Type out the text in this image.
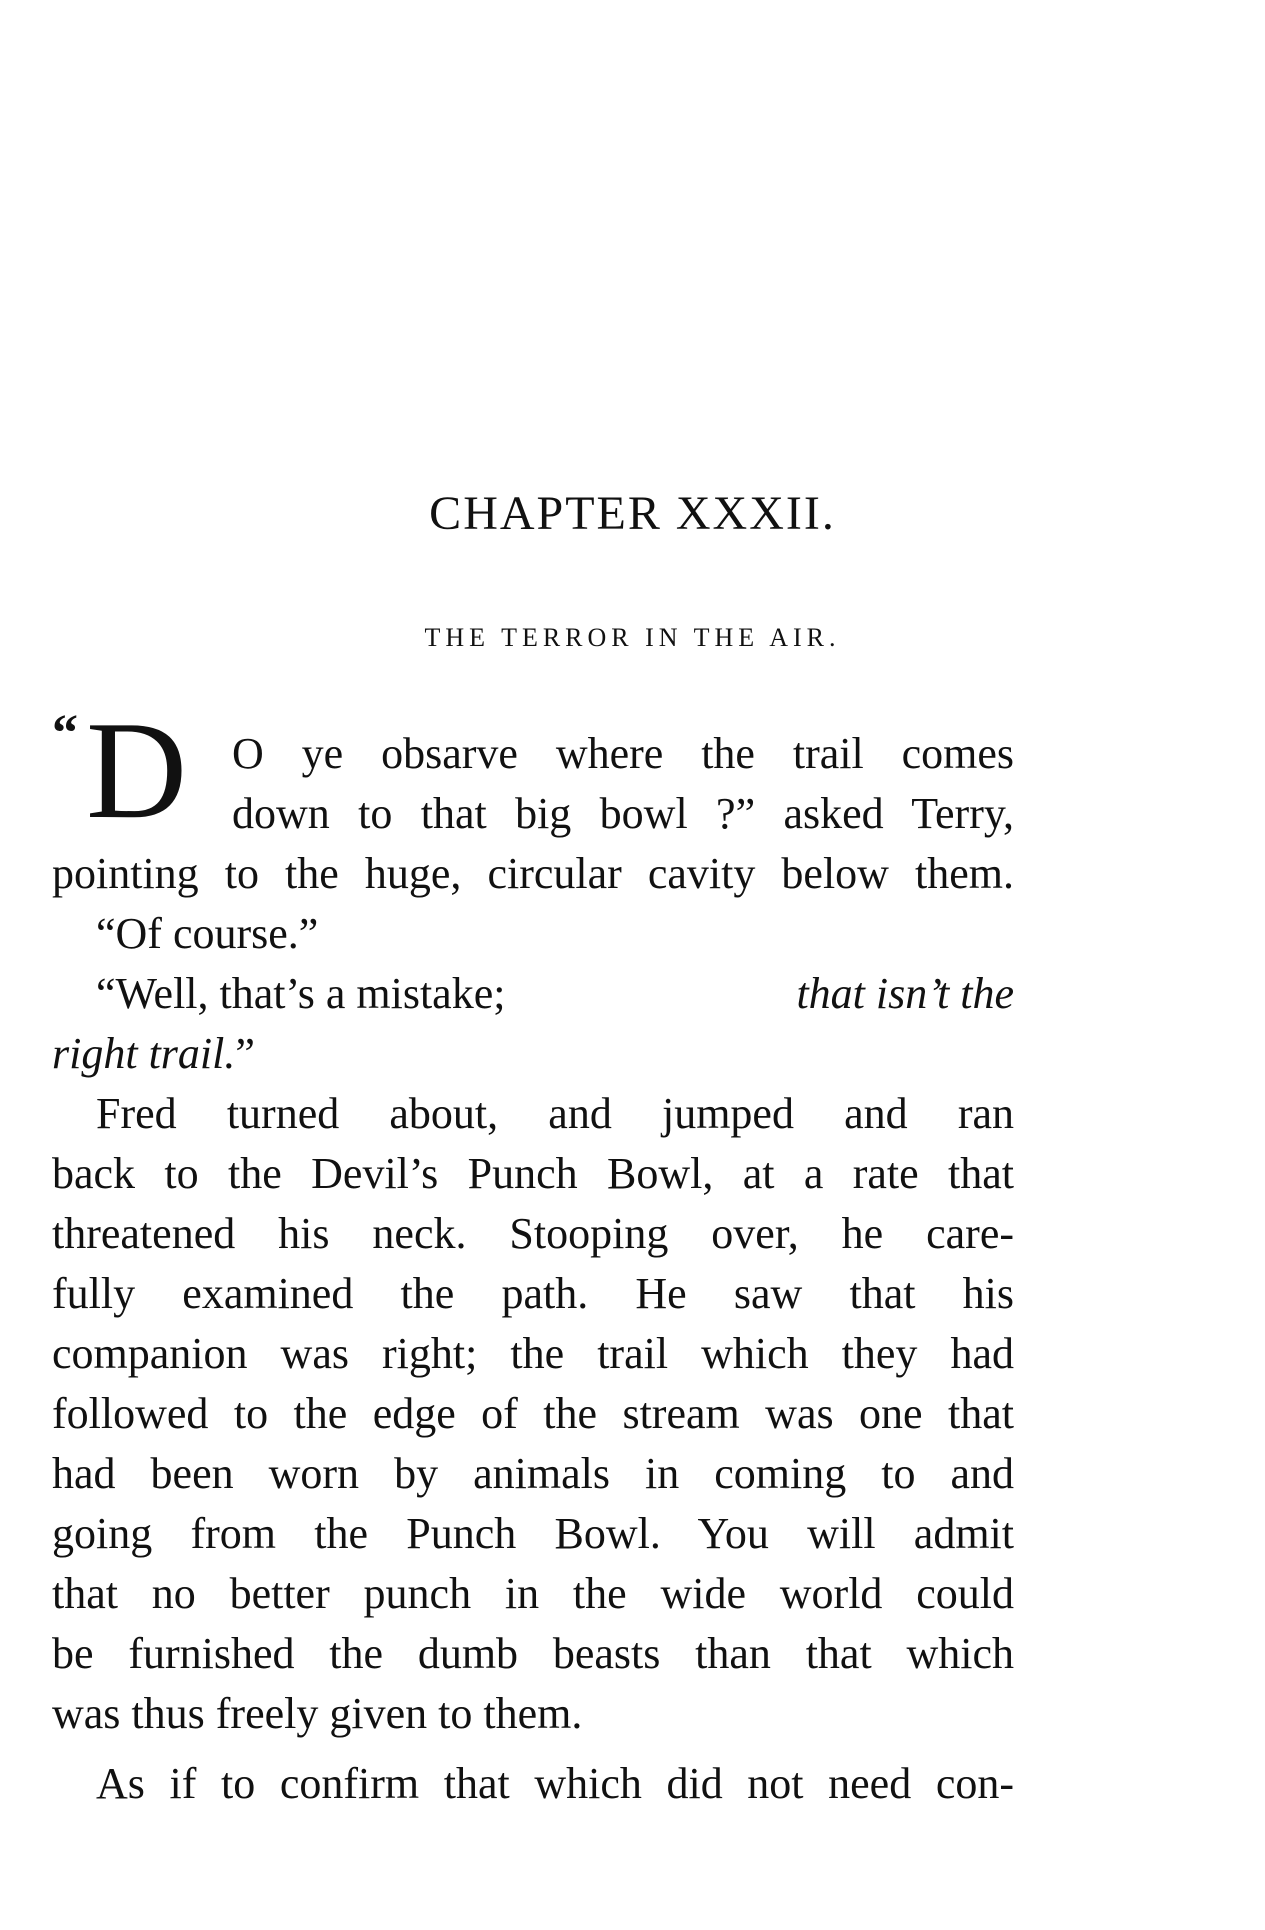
CHAPTER XXXII.
THE TERROR IN THE AIR.
“ D O ye obsarve where the trail comes
down to that big bowl ?” asked Terry,
pointing to the huge, circular cavity below them.
“Of course.”
“Well, that’s a mistake;	that isn’t the
right trail.”
Fred turned about, and jumped and ran
back to the Devil’s Punch Bowl, at a rate that
threatened his neck. Stooping over, he care-
fully examined the path. He saw that his
companion was right; the trail which they had
followed to the edge of the stream was one that
had been worn by animals in coming to and
going from the Punch Bowl. You will admit
that no better punch in the wide world could
be furnished the dumb beasts than that which
was thus freely given to them.
As if to confirm that which did not need con-
